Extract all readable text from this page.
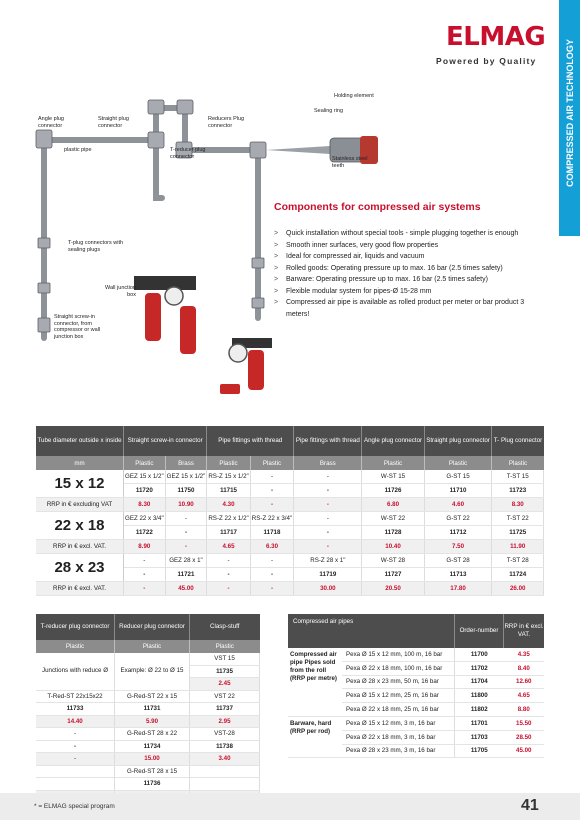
ELMAG
Powered by Quality	COMPRESSED AIR TECHNOLOGY
Holding element
Sealing ring
Angle plug connector
Straight plug connector
Reducers Plug connector
T-reducer plug connector
plastic pipe
Stainless steel teeth
T-plug connectors with sealing plugs
Wall junction box
Straight screw-in connector, from compressor or wall junction box
Components for compressed air systems
> Quick installation without special tools - simple plugging together is enough
> Smooth inner surfaces, very good flow properties
> Ideal for compressed air, liquids and vacuum
> Rolled goods: Operating pressure up to max. 16 bar (2.5 times safety)
> Barware: Operating pressure up to max. 16 bar (2.5 times safety)
> Flexible modular system for pipes-Ø 15-28 mm
> Compressed air pipe is available as rolled product per meter or bar product 3 meters!
Tube diameter outside x inside	Straight screw-in connector		Pipe fittings with thread		Pipe fittings with thread	Angle plug connector	Straight plug connector	T- Plug connector
mm	Plastic	Brass	Plastic	Plastic	Brass	Plastic	Plastic	Plastic
15 x 12	GEZ 15 x 1/2"	GEZ 15 x 1/2"	RS-Z 15 x 1/2"	-	-	W-ST 15	G-ST 15	T-ST 15
	11720	11750	11715	-	-	11726	11710	11723
RRP in € excluding VAT	8.30	10.90	4.30	-	-	6.80	4.60	8.30
22 x 18	GEZ 22 x 3/4"	-	RS-Z 22 x 1/2"	RS-Z 22 x 3/4"	-	W-ST 22	G-ST 22	T-ST 22
	11722	-	11717	11718	-	11728	11712	11725
RRP in € excl. VAT.	8.90	-	4.65	6.30	-	10.40	7.50	11.90
28 x 23	-	GEZ 28 x 1"	-	-	RS-Z 28 x 1"	W-ST 28	G-ST 28	T-ST 28
	-	11721	-	-	11719	11727	11713	11724
RRP in € excl. VAT.	-	45.00	-	-	30.00	20.50	17.80	26.00
T-reducer plug connector	Reducer plug connector	Clasp-stuff
Plastic	Plastic	Plastic
Junctions with reduce Ø	Example: Ø 22 to Ø 15	VST 15
		11735
		2.45
T-Red-ST 22x15x22	G-Red-ST 22 x 15	VST 22
11733	11731	11737
14.40	5.90	2.95
-	G-Red-ST 28 x 22	VST-28
-	11734	11738
-	15.00	3.40
	G-Red-ST 28 x 15	
	11736	

Compressed air pipes		Order-number	RRP in € excl. VAT.
Compressed air pipe Pipes sold from the roll (RRP per metre)	Pexa Ø 15 x 12 mm, 100 m, 16 bar	11700	4.35
	Pexa Ø 22 x 18 mm, 100 m, 16 bar	11702	8.40
	Pexa Ø 28 x 23 mm, 50 m, 16 bar	11704	12.60
	Pexa Ø 15 x 12 mm, 25 m, 16 bar	11800	4.65
	Pexa Ø 22 x 18 mm, 25 m, 16 bar	11802	8.80
Barware, hard (RRP per rod)	Pexa Ø 15 x 12 mm, 3 m, 16 bar	11701	15.50
	Pexa Ø 22 x 18 mm, 3 m, 16 bar	11703	28.50
	Pexa Ø 28 x 23 mm, 3 m, 16 bar	11705	45.00
* = ELMAG special program	41
